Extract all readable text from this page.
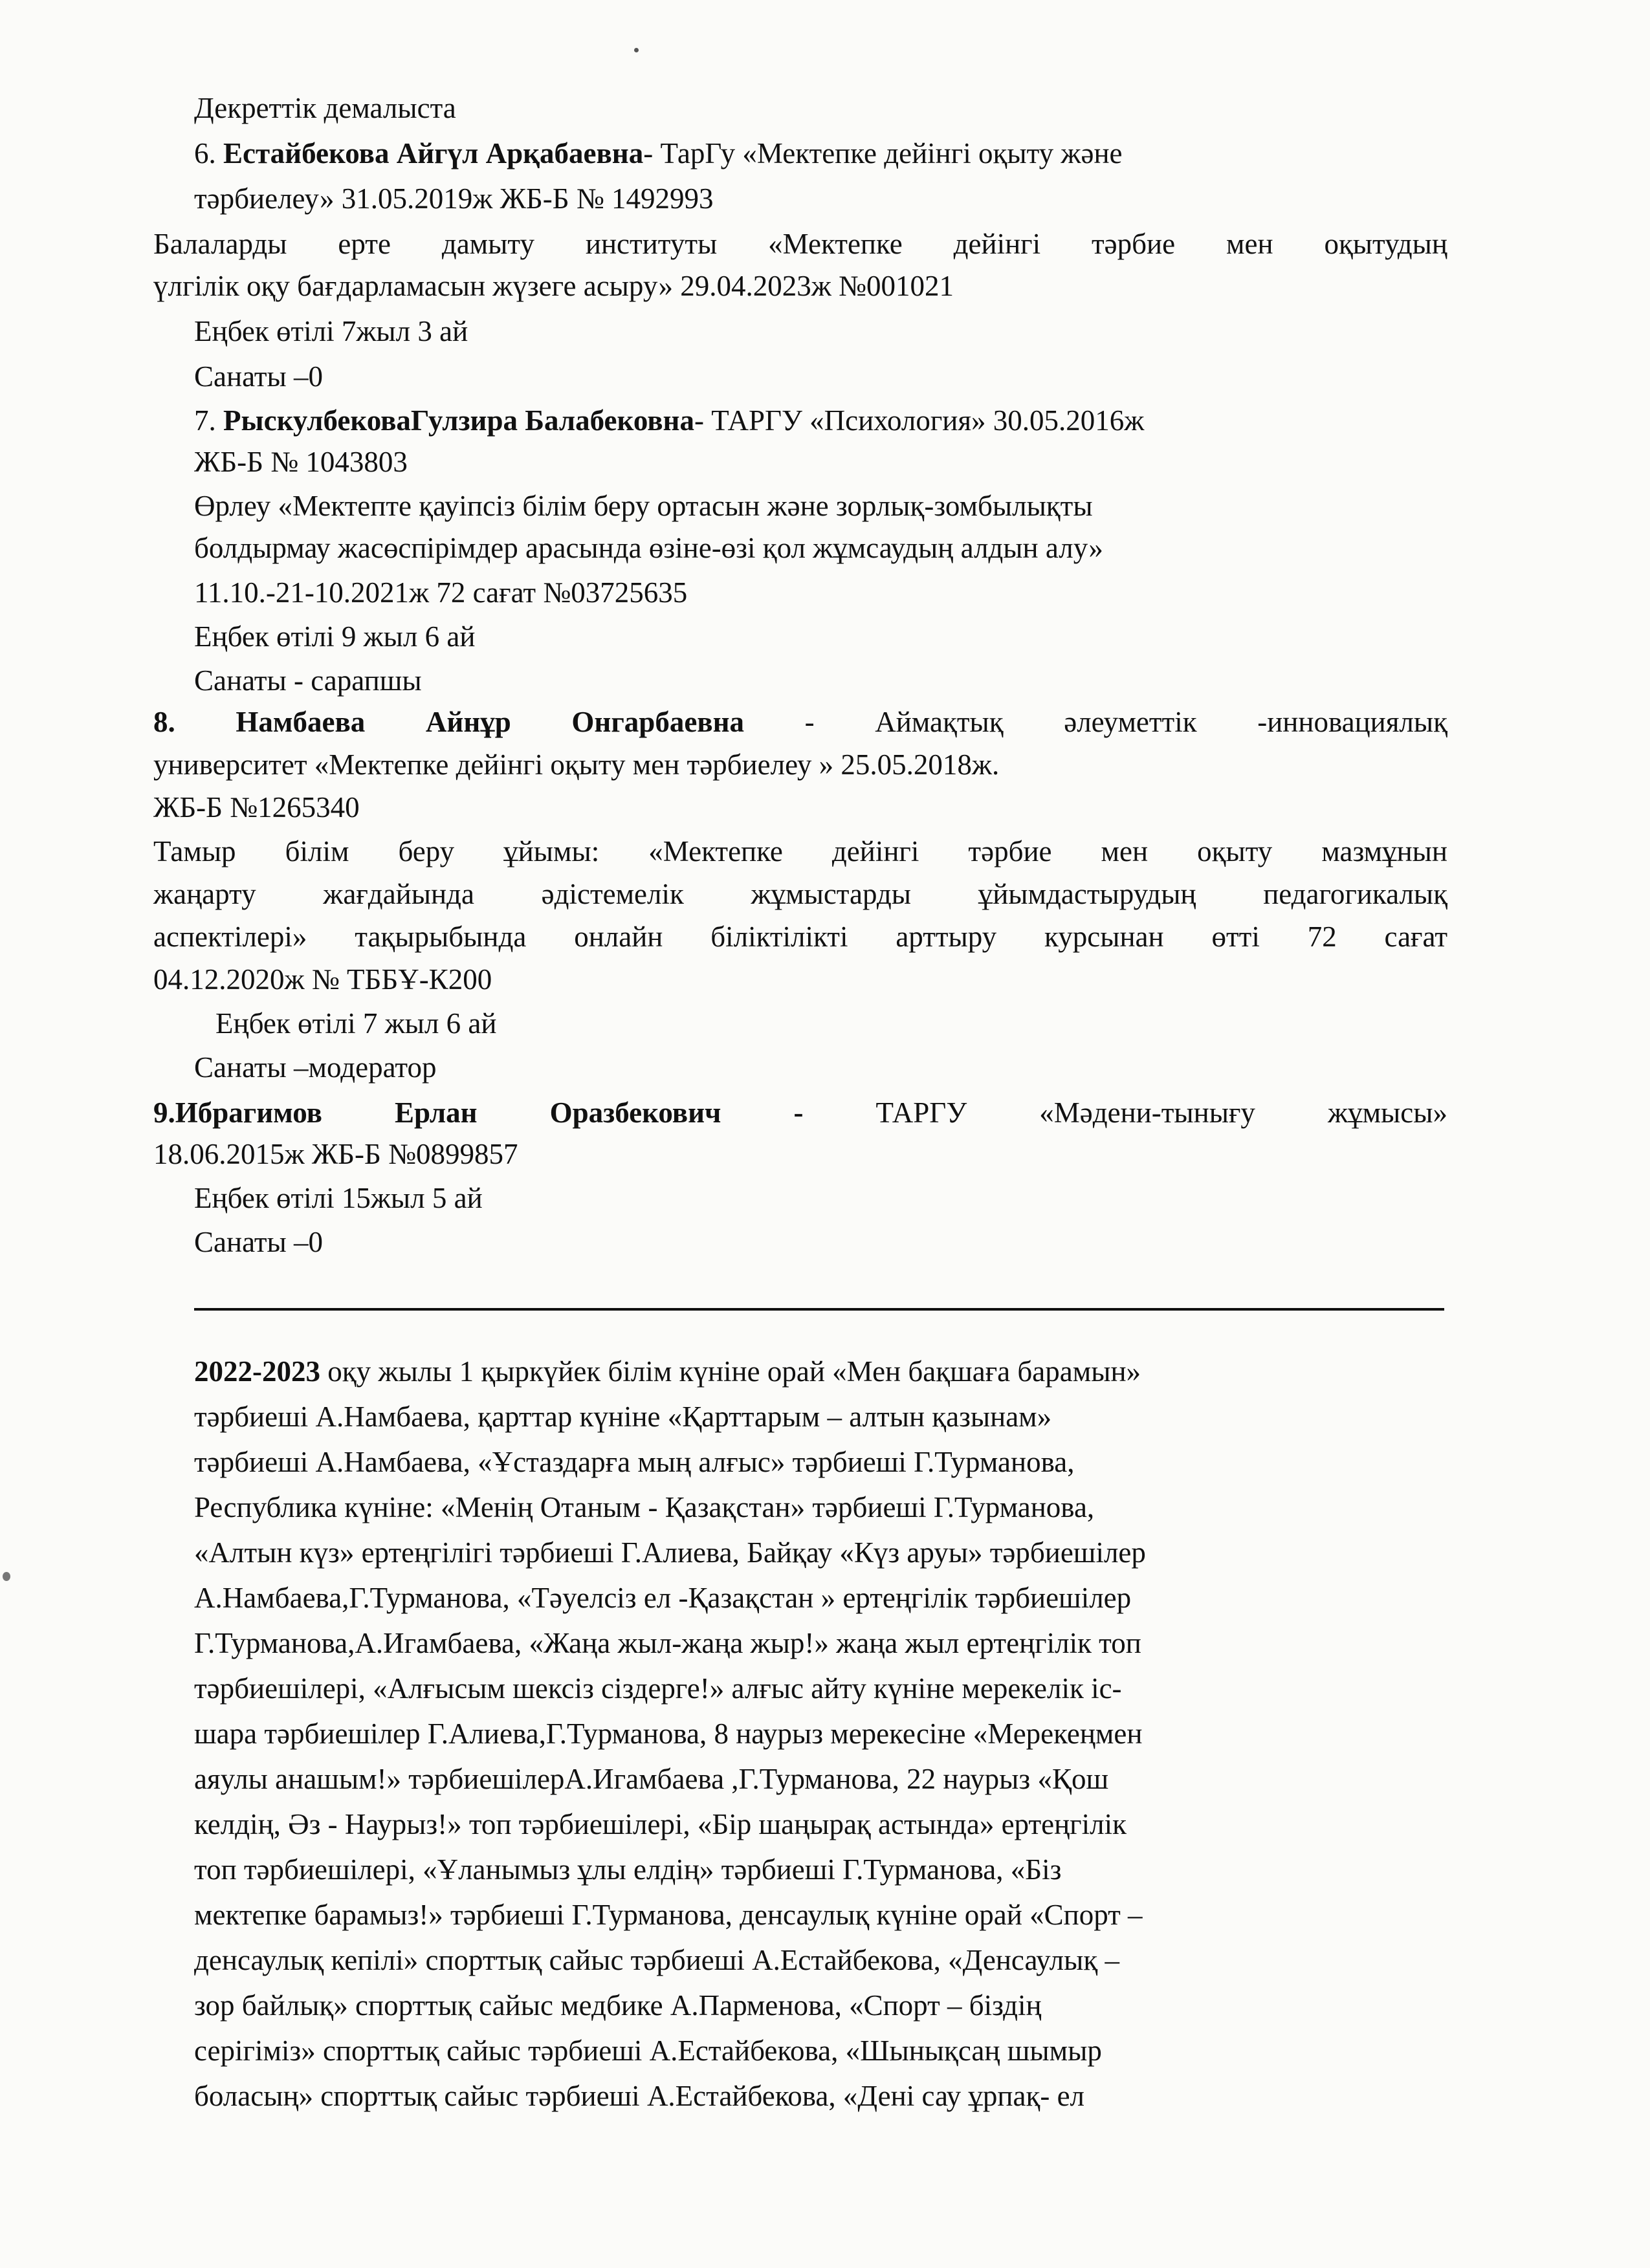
Декреттік демалыста
6. Естайбекова Айгүл Арқабаевна- ТарГу «Мектепке дейінгі оқыту және
тәрбиелеу» 31.05.2019ж ЖБ-Б № 1492993
Балаларды ерте дамыту институты «Мектепке дейінгі тәрбие мен оқытудың
үлгілік оқу бағдарламасын жүзеге асыру» 29.04.2023ж №001021
Еңбек өтілі 7жыл 3 ай
Санаты –0
7. РыскулбековаГулзира Балабековна- ТАРГУ «Психология» 30.05.2016ж
ЖБ-Б № 1043803
Өрлеу «Мектепте қауіпсіз білім беру ортасын және зорлық-зомбылықты
болдырмау жасөспірімдер арасында өзіне-өзі қол жұмсаудың алдын алу»
11.10.-21-10.2021ж 72 сағат №03725635
Еңбек өтілі 9 жыл 6 ай
Санаты - сарапшы
8. Намбаева Айнұр Онгарбаевна - Аймақтық әлеуметтік -инновациялық
университет «Мектепке дейінгі оқыту мен тәрбиелеу » 25.05.2018ж.
ЖБ-Б №1265340
Тамыр білім беру ұйымы: «Мектепке дейінгі тәрбие мен оқыту мазмұнын
жаңарту жағдайында әдістемелік жұмыстарды ұйымдастырудың педагогикалық
аспектілері» тақырыбында онлайн біліктілікті арттыру курсынан өтті 72 сағат
04.12.2020ж № ТББҰ-К200
Еңбек өтілі 7 жыл 6 ай
Санаты –модератор
9.Ибрагимов Ерлан Оразбекович - ТАРГУ «Мәдени-тынығу жұмысы»
18.06.2015ж ЖБ-Б №0899857
Еңбек өтілі 15жыл 5 ай
Санаты –0
2022-2023 оқу жылы 1 қыркүйек білім күніне орай «Мен бақшаға барамын»
тәрбиеші А.Намбаева, қарттар күніне «Қарттарым – алтын қазынам»
тәрбиеші А.Намбаева, «Ұстаздарға мың алғыс» тәрбиеші Г.Турманова,
Республика күніне: «Менің Отаным - Қазақстан» тәрбиеші Г.Турманова,
«Алтын күз» ертеңгілігі тәрбиеші Г.Алиева, Байқау «Күз аруы» тәрбиешілер
А.Намбаева,Г.Турманова, «Тәуелсіз ел -Қазақстан » ертеңгілік тәрбиешілер
Г.Турманова,А.Игамбаева, «Жаңа жыл-жаңа жыр!» жаңа жыл ертеңгілік топ
тәрбиешілері, «Алғысым шексіз сіздерге!» алғыс айту күніне мерекелік іс-
шара тәрбиешілер Г.Алиева,Г.Турманова, 8 наурыз мерекесіне «Мерекеңмен
аяулы анашым!» тәрбиешілерА.Игамбаева ,Г.Турманова, 22 наурыз «Қош
келдің, Әз - Наурыз!» топ тәрбиешілері, «Бір шаңырақ астында» ертеңгілік
топ тәрбиешілері, «Ұланымыз ұлы елдің» тәрбиеші Г.Турманова, «Біз
мектепке барамыз!» тәрбиеші Г.Турманова, денсаулық күніне орай «Спорт –
денсаулық кепілі» спорттық сайыс тәрбиеші А.Естайбекова, «Денсаулық –
зор байлық» спорттық сайыс медбике А.Парменова, «Спорт – біздің
серігіміз» спорттық сайыс тәрбиеші А.Естайбекова, «Шынықсаң шымыр
боласың» спорттық сайыс тәрбиеші А.Естайбекова, «Дені сау ұрпақ- ел
